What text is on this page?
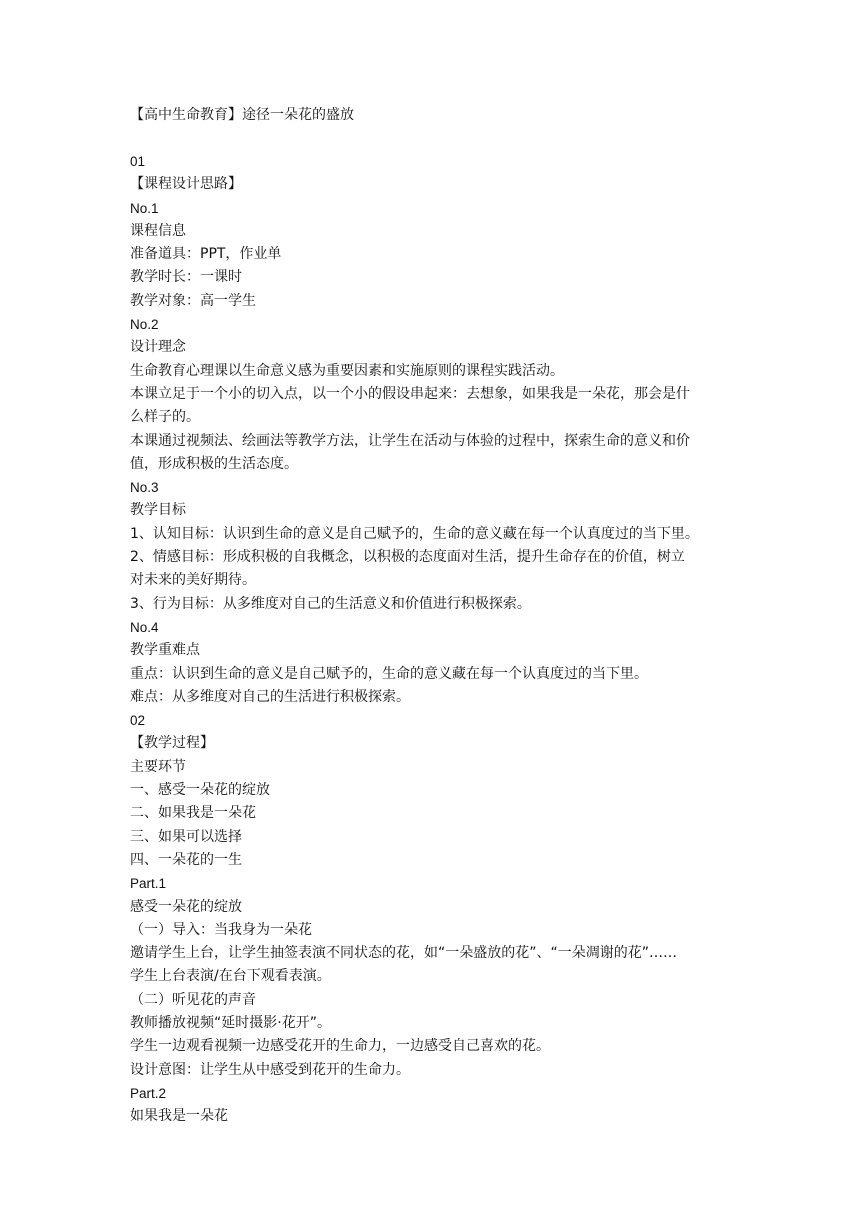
【高中生命教育】途径一朵花的盛放
01
【课程设计思路】
No.1
课程信息
准备道具：PPT，作业单
教学时长：一课时
教学对象：高一学生
No.2
设计理念
生命教育心理课以生命意义感为重要因素和实施原则的课程实践活动。
本课立足于一个小的切入点，以一个小的假设串起来：去想象，如果我是一朵花，那会是什
么样子的。
本课通过视频法、绘画法等教学方法，让学生在活动与体验的过程中，探索生命的意义和价
值，形成积极的生活态度。
No.3
教学目标
1、认知目标：认识到生命的意义是自己赋予的，生命的意义藏在每一个认真度过的当下里。
2、情感目标：形成积极的自我概念，以积极的态度面对生活，提升生命存在的价值，树立
对未来的美好期待。
3、行为目标：从多维度对自己的生活意义和价值进行积极探索。
No.4
教学重难点
重点：认识到生命的意义是自己赋予的，生命的意义藏在每一个认真度过的当下里。
难点：从多维度对自己的生活进行积极探索。
02
【教学过程】
主要环节
一、感受一朵花的绽放
二、如果我是一朵花
三、如果可以选择
四、一朵花的一生
Part.1
感受一朵花的绽放
（一）导入：当我身为一朵花
邀请学生上台，让学生抽签表演不同状态的花，如“一朵盛放的花”、“一朵凋谢的花”……
学生上台表演/在台下观看表演。
（二）听见花的声音
教师播放视频“延时摄影·花开”。
学生一边观看视频一边感受花开的生命力，一边感受自己喜欢的花。
设计意图：让学生从中感受到花开的生命力。
Part.2
如果我是一朵花
